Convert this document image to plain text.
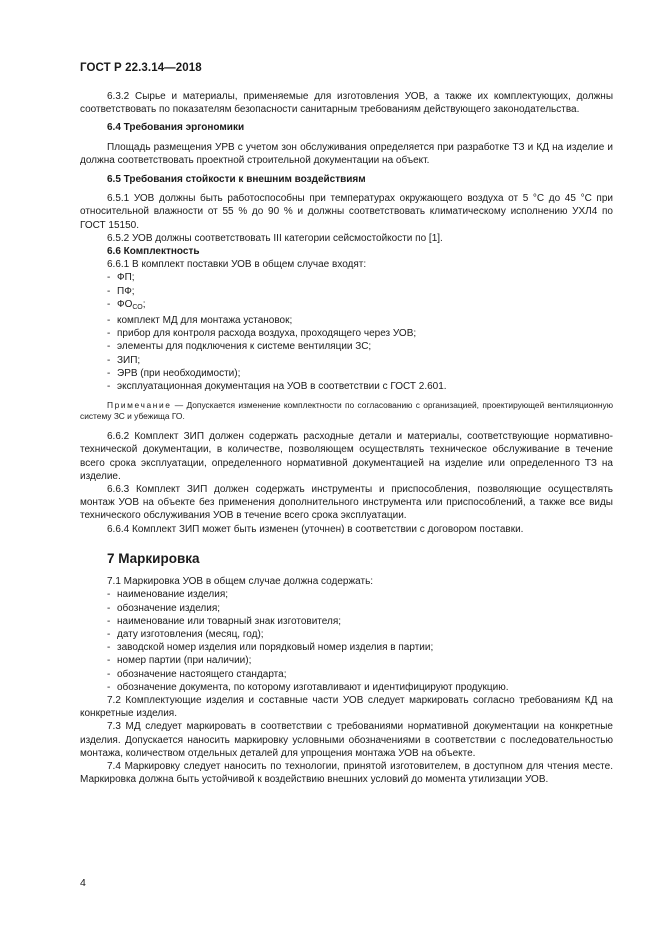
ГОСТ Р 22.3.14—2018

6.3.2 Сырье и материалы, применяемые для изготовления УОВ, а также их комплектующих, должны соответствовать по показателям безопасности санитарным требованиям действующего законодательства.

6.4 Требования эргономики

Площадь размещения УРВ с учетом зон обслуживания определяется при разработке ТЗ и КД на изделие и должна соответствовать проектной строительной документации на объект.

6.5 Требования стойкости к внешним воздействиям

6.5.1 УОВ должны быть работоспособны при температурах окружающего воздуха от 5 °С до 45 °С при относительной влажности от 55 % до 90 % и должны соответствовать климатическому исполнению УХЛ4 по ГОСТ 15150.

6.5.2 УОВ должны соответствовать III категории сейсмостойкости по [1].

6.6 Комплектность

6.6.1 В комплект поставки УОВ в общем случае входят:

- ФП;

- ПФ;

- $ФО_{СО}$;

- комплект МД для монтажа установок;

- прибор для контроля расхода воздуха, проходящего через УОВ;

- элементы для подключения к системе вентиляции ЗС;

- ЗИП;

- ЭРВ (при необходимости);

- эксплуатационная документация на УОВ в соответствии с ГОСТ 2.601.

Примечание — Допускается изменение комплектности по согласованию с организацией, проектирующей вентиляционную систему ЗС и убежища ГО.

6.6.2 Комплект ЗИП должен содержать расходные детали и материалы, соответствующие нормативно-технической документации, в количестве, позволяющем осуществлять техническое обслуживание в течение всего срока эксплуатации, определенного нормативной документацией на изделие или определенного ТЗ на изделие.

6.6.3 Комплект ЗИП должен содержать инструменты и приспособления, позволяющие осуществлять монтаж УОВ на объекте без применения дополнительного инструмента или приспособлений, а также все виды технического обслуживания УОВ в течение всего срока эксплуатации.

6.6.4 Комплект ЗИП может быть изменен (уточнен) в соответствии с договором поставки.

7 Маркировка

7.1 Маркировка УОВ в общем случае должна содержать:

- наименование изделия;

- обозначение изделия;

- наименование или товарный знак изготовителя;

- дату изготовления (месяц, год);

- заводской номер изделия или порядковый номер изделия в партии;

- номер партии (при наличии);

- обозначение настоящего стандарта;

- обозначение документа, по которому изготавливают и идентифицируют продукцию.

7.2 Комплектующие изделия и составные части УОВ следует маркировать согласно требованиям КД на конкретные изделия.

7.3 МД следует маркировать в соответствии с требованиями нормативной документации на конкретные изделия. Допускается наносить маркировку условными обозначениями в соответствии с последовательностью монтажа, количеством отдельных деталей для упрощения монтажа УОВ на объекте.

7.4 Маркировку следует наносить по технологии, принятой изготовителем, в доступном для чтения месте. Маркировка должна быть устойчивой к воздействию внешних условий до момента утилизации УОВ.

4
